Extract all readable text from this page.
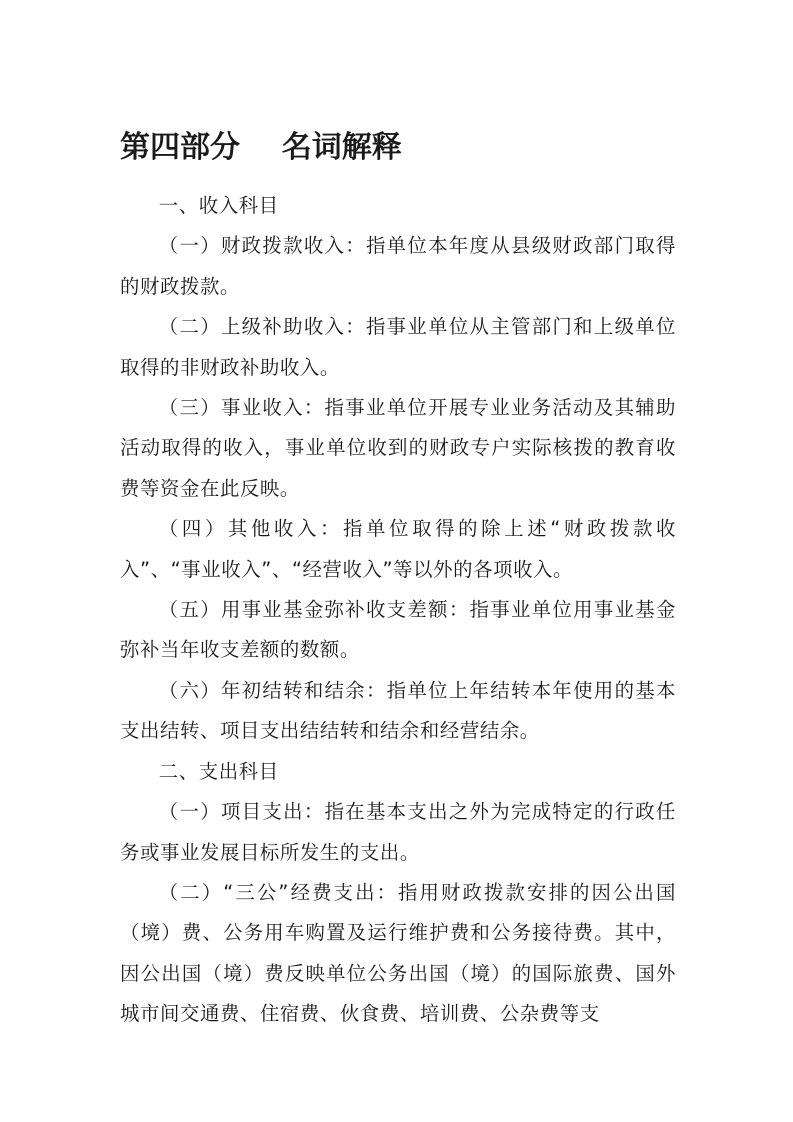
第四部分    名词解释

一、收入科目

（一）财政拨款收入：指单位本年度从县级财政部门取得的财政拨款。

（二）上级补助收入：指事业单位从主管部门和上级单位取得的非财政补助收入。

（三）事业收入：指事业单位开展专业业务活动及其辅助活动取得的收入，事业单位收到的财政专户实际核拨的教育收费等资金在此反映。

（四）其他收入：指单位取得的除上述“财政拨款收入”、“事业收入”、“经营收入”等以外的各项收入。

（五）用事业基金弥补收支差额：指事业单位用事业基金弥补当年收支差额的数额。

（六）年初结转和结余：指单位上年结转本年使用的基本支出结转、项目支出结结转和结余和经营结余。

二、支出科目

（一）项目支出：指在基本支出之外为完成特定的行政任务或事业发展目标所发生的支出。

（二）“三公”经费支出：指用财政拨款安排的因公出国（境）费、公务用车购置及运行维护费和公务接待费。其中，因公出国（境）费反映单位公务出国（境）的国际旅费、国外城市间交通费、住宿费、伙食费、培训费、公杂费等支
